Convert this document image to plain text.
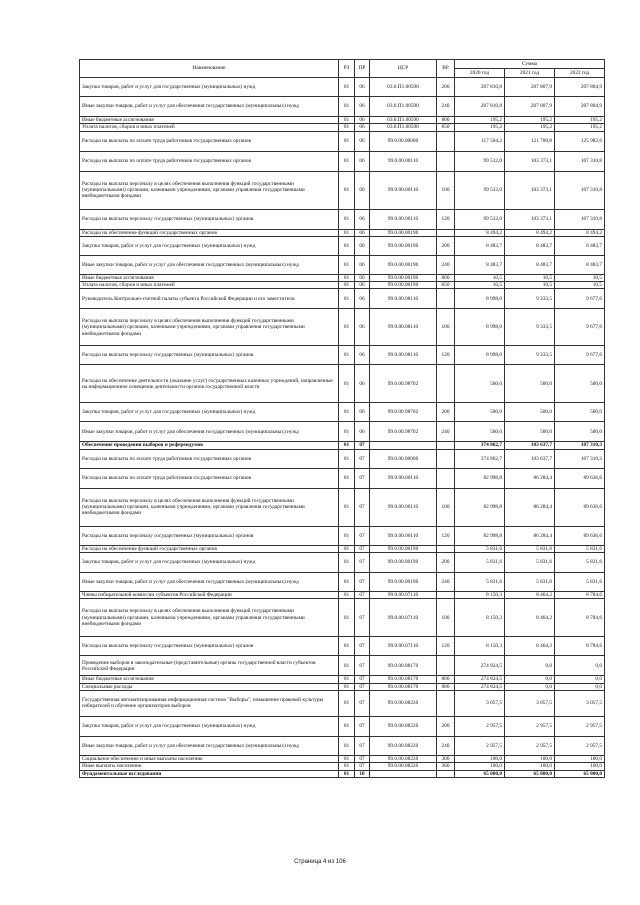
Наименование	РЗ	ПР	ЦСР	ВР	Сумма		
					2020 год	2021 год	2022 год
Закупка товаров, работ и услуг для государственных (муниципальных) нужд	01	06	03.0.П1.00590	200	207 810,8	207 807,9	207 804,9
Иные закупки товаров, работ и услуг для обеспечения государственных (муниципальных) нужд	01	06	03.0.П1.00590	240	207 810,8	207 807,9	207 804,9
Иные бюджетные ассигнования	01	06	03.0.П1.00590	800	195,2	195,2	195,2
Уплата налогов, сборов и иных платежей	01	06	03.0.П1.00590	850	195,2	195,2	195,2
Расходы на выплаты по оплате труда работников государственных органов	01	06	99.0.00.00000		117 504,2	121 700,8	125 982,6
Расходы на выплаты по оплате труда работников государственных органов	01	06	99.0.00.00110		99 512,0	103 373,1	107 310,8
Расходы на выплаты персоналу в целях обеспечения выполнения функций государственными (муниципальными) органами, казенными учреждениями, органами управления государственными внебюджетными фондами	01	06	99.0.00.00110	100	99 512,0	103 373,1	107 310,8
Расходы на выплаты персоналу государственных (муниципальных) органов	01	06	99.0.00.00110	120	99 512,0	103 373,1	107 310,8
Расходы на обеспечение функций государственных органов	01	06	99.0.00.00190		8 494,2	8 494,2	8 494,2
Закупка товаров, работ и услуг для государственных (муниципальных) нужд	01	06	99.0.00.00190	200	8 483,7	8 483,7	8 483,7
Иные закупки товаров, работ и услуг для обеспечения государственных (муниципальных) нужд	01	06	99.0.00.00190	240	8 483,7	8 483,7	8 483,7
Иные бюджетные ассигнования	01	06	99.0.00.00190	800	10,5	10,5	10,5
Уплата налогов, сборов и иных платежей	01	06	99.0.00.00190	850	10,5	10,5	10,5
Руководитель Контрольно-счетной палаты субъекта Российской Федерации и его заместители	01	06	99.0.00.08110		8 998,0	9 333,5	9 677,6
Расходы на выплаты персоналу в целях обеспечения выполнения функций государственными (муниципальными) органами, казенными учреждениями, органами управления государственными внебюджетными фондами	01	06	99.0.00.08110	100	8 998,0	9 333,5	9 677,6
Расходы на выплаты персоналу государственных (муниципальных) органов	01	06	99.0.00.08110	120	8 998,0	9 333,5	9 677,6
Расходы на обеспечение деятельности (оказание услуг) государственных казенных учреждений, направленные на информационное освещение деятельности органов государственной власти	01	06	99.0.00.98702		500,0	500,0	500,0
Закупка товаров, работ и услуг для государственных (муниципальных) нужд	01	06	99.0.00.98702	200	500,0	500,0	500,0
Иные закупки товаров, работ и услуг для обеспечения государственных (муниципальных) нужд	01	06	99.0.00.98702	240	500,0	500,0	500,0
Обеспечение проведения выборов и референдумов	01	07			374 862,7	103 637,7	107 310,3
Расходы на выплаты по оплате труда работников государственных органов	01	07	99.0.00.00000		374 862,7	103 637,7	107 310,3
Расходы на выплаты по оплате труда работников государственных органов	01	07	99.0.00.00110		82 998,8	86 284,4	89 636,6
Расходы на выплаты персоналу в целях обеспечения выполнения функций государственными (муниципальными) органами, казенными учреждениями, органами управления государственными внебюджетными фондами	01	07	99.0.00.00110	100	82 998,8	86 284,4	89 636,6
Расходы на выплаты персоналу государственных (муниципальных) органов	01	07	99.0.00.00110	120	82 998,8	86 284,4	89 636,6
Расходы на обеспечение функций государственных органов	01	07	99.0.00.00190		5 831,6	5 831,6	5 831,6
Закупка товаров, работ и услуг для государственных (муниципальных) нужд	01	07	99.0.00.00190	200	5 831,6	5 831,6	5 831,6
Иные закупки товаров, работ и услуг для обеспечения государственных (муниципальных) нужд	01	07	99.0.00.00190	240	5 831,6	5 831,6	5 831,6
Члены избирательной комиссии субъектов Российской Федерации	01	07	99.0.00.07110		8 150,3	8 464,2	8 784,6
Расходы на выплаты персоналу в целях обеспечения выполнения функций государственными (муниципальными) органами, казенными учреждениями, органами управления государственными внебюджетными фондами	01	07	99.0.00.07110	100	8 150,3	8 464,2	8 784,6
Расходы на выплаты персоналу государственных (муниципальных) органов	01	07	99.0.00.07110	120	8 150,3	8 464,2	8 784,6
Проведение выборов в законодательные (представительные) органы государственной власти субъектов Российской Федерации	01	07	99.0.00.08170		274 824,5	0,0	0,0
Иные бюджетные ассигнования	01	07	99.0.00.08170	800	274 824,5	0,0	0,0
Специальные расходы	01	07	99.0.00.08170	880	274 824,5	0,0	0,0
Государственная автоматизированная информационная система "Выборы", повышение правовой культуры избирателей и обучение организаторов выборов	01	07	99.0.00.08220		3 057,5	3 057,5	3 057,5
Закупка товаров, работ и услуг для государственных (муниципальных) нужд	01	07	99.0.00.08220	200	2 957,5	2 957,5	2 957,5
Иные закупки товаров, работ и услуг для обеспечения государственных (муниципальных) нужд	01	07	99.0.00.08220	240	2 957,5	2 957,5	2 957,5
Социальное обеспечение и иные выплаты населению	01	07	99.0.00.08220	300	100,0	100,0	100,0
Иные выплаты населению	01	07	99.0.00.08220	360	100,0	100,0	100,0
Фундаментальные исследования	01	10			65 000,0	65 000,0	65 000,0
Страница 4 из 106
